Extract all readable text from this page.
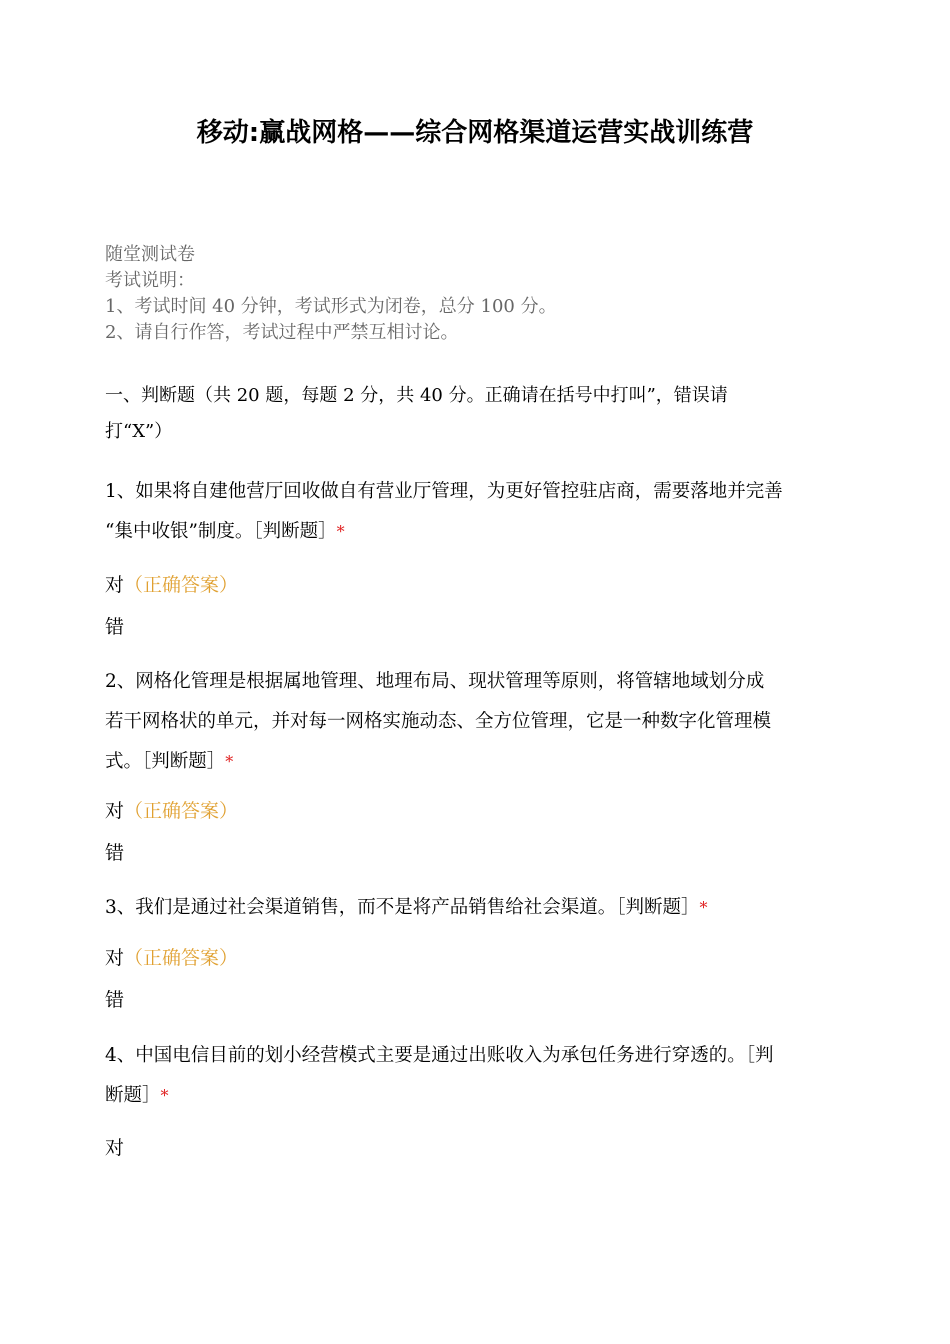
移动:赢战网格——综合网格渠道运营实战训练营
随堂测试卷
考试说明：
1、考试时间 40 分钟，考试形式为闭卷，总分 100 分。
2、请自行作答，考试过程中严禁互相讨论。
一、判断题（共 20 题，每题 2 分，共 40 分。正确请在括号中打叫”，错误请
打“X”）
1、如果将自建他营厅回收做自有营业厅管理，为更好管控驻店商，需要落地并完善
“集中收银”制度。［判断题］*
对（正确答案）
错
2、网格化管理是根据属地管理、地理布局、现状管理等原则，将管辖地域划分成
若干网格状的单元，并对每一网格实施动态、全方位管理，它是一种数字化管理模
式。［判断题］*
对（正确答案）
错
3、我们是通过社会渠道销售，而不是将产品销售给社会渠道。［判断题］*
对（正确答案）
错
4、中国电信目前的划小经营模式主要是通过出账收入为承包任务进行穿透的。［判
断题］*
对
